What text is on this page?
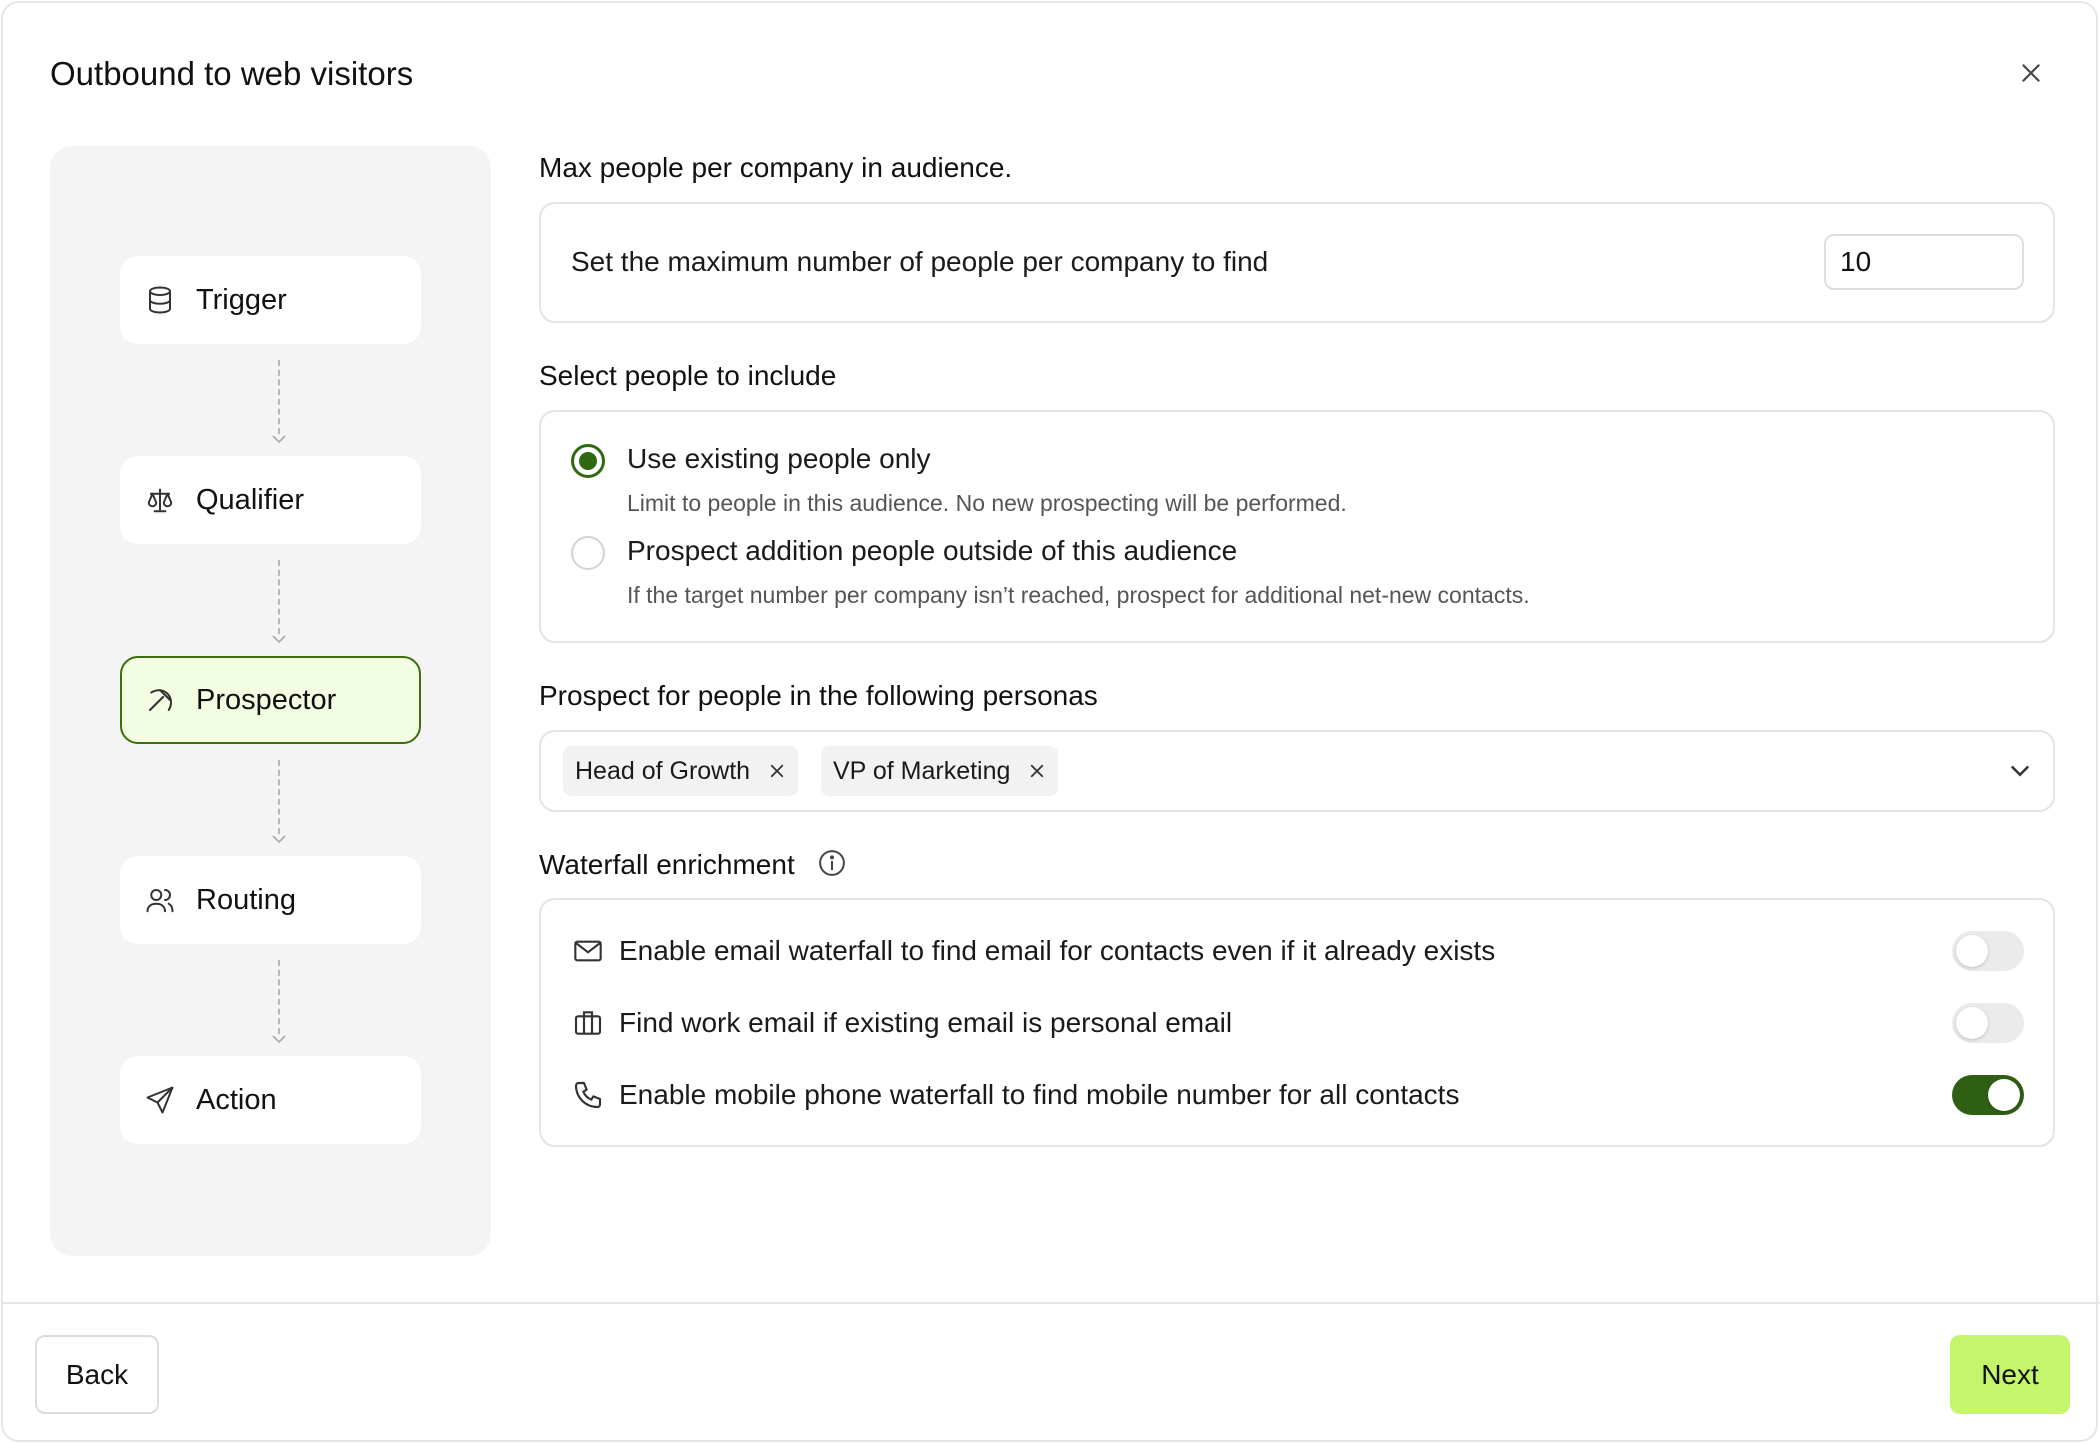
Outbound to web visitors
Trigger
Qualifier
Prospector
Routing
Action
Max people per company in audience.
Set the maximum number of people per company to find
10
Select people to include
Use existing people only
Limit to people in this audience. No new prospecting will be performed.
Prospect addition people outside of this audience
If the target number per company isn’t reached, prospect for additional net-new contacts.
Prospect for people in the following personas
Head of Growth	VP of Marketing
Waterfall enrichment
Enable email waterfall to find email for contacts even if it already exists
Find work email if existing email is personal email
Enable mobile phone waterfall to find mobile number for all contacts
Back	Next
